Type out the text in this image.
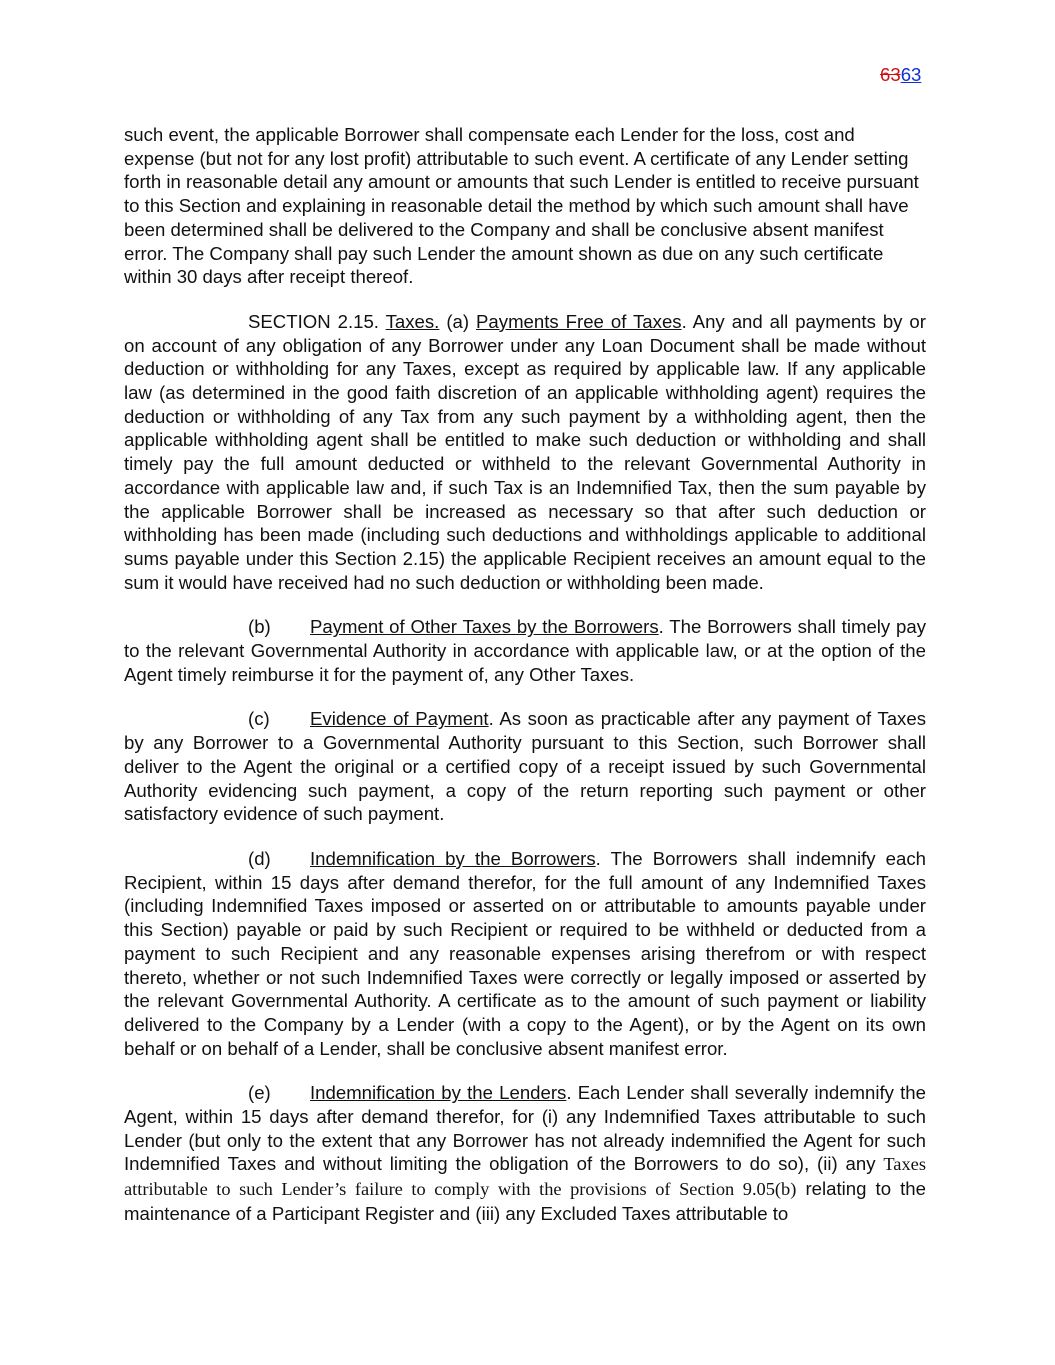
6363

such event, the applicable Borrower shall compensate each Lender for the loss, cost and expense (but not for any lost profit) attributable to such event. A certificate of any Lender setting forth in reasonable detail any amount or amounts that such Lender is entitled to receive pursuant to this Section and explaining in reasonable detail the method by which such amount shall have been determined shall be delivered to the Company and shall be conclusive absent manifest error. The Company shall pay such Lender the amount shown as due on any such certificate within 30 days after receipt thereof.

SECTION 2.15. Taxes. (a) Payments Free of Taxes. Any and all payments by or on account of any obligation of any Borrower under any Loan Document shall be made without deduction or withholding for any Taxes, except as required by applicable law. If any applicable law (as determined in the good faith discretion of an applicable withholding agent) requires the deduction or withholding of any Tax from any such payment by a withholding agent, then the applicable withholding agent shall be entitled to make such deduction or withholding and shall timely pay the full amount deducted or withheld to the relevant Governmental Authority in accordance with applicable law and, if such Tax is an Indemnified Tax, then the sum payable by the applicable Borrower shall be increased as necessary so that after such deduction or withholding has been made (including such deductions and withholdings applicable to additional sums payable under this Section 2.15) the applicable Recipient receives an amount equal to the sum it would have received had no such deduction or withholding been made.

(b) Payment of Other Taxes by the Borrowers. The Borrowers shall timely pay to the relevant Governmental Authority in accordance with applicable law, or at the option of the Agent timely reimburse it for the payment of, any Other Taxes.

(c) Evidence of Payment. As soon as practicable after any payment of Taxes by any Borrower to a Governmental Authority pursuant to this Section, such Borrower shall deliver to the Agent the original or a certified copy of a receipt issued by such Governmental Authority evidencing such payment, a copy of the return reporting such payment or other satisfactory evidence of such payment.

(d) Indemnification by the Borrowers. The Borrowers shall indemnify each Recipient, within 15 days after demand therefor, for the full amount of any Indemnified Taxes (including Indemnified Taxes imposed or asserted on or attributable to amounts payable under this Section) payable or paid by such Recipient or required to be withheld or deducted from a payment to such Recipient and any reasonable expenses arising therefrom or with respect thereto, whether or not such Indemnified Taxes were correctly or legally imposed or asserted by the relevant Governmental Authority. A certificate as to the amount of such payment or liability delivered to the Company by a Lender (with a copy to the Agent), or by the Agent on its own behalf or on behalf of a Lender, shall be conclusive absent manifest error.

(e) Indemnification by the Lenders. Each Lender shall severally indemnify the Agent, within 15 days after demand therefor, for (i) any Indemnified Taxes attributable to such Lender (but only to the extent that any Borrower has not already indemnified the Agent for such Indemnified Taxes and without limiting the obligation of the Borrowers to do so), (ii) any Taxes attributable to such Lender’s failure to comply with the provisions of Section 9.05(b) relating to the maintenance of a Participant Register and (iii) any Excluded Taxes attributable to
